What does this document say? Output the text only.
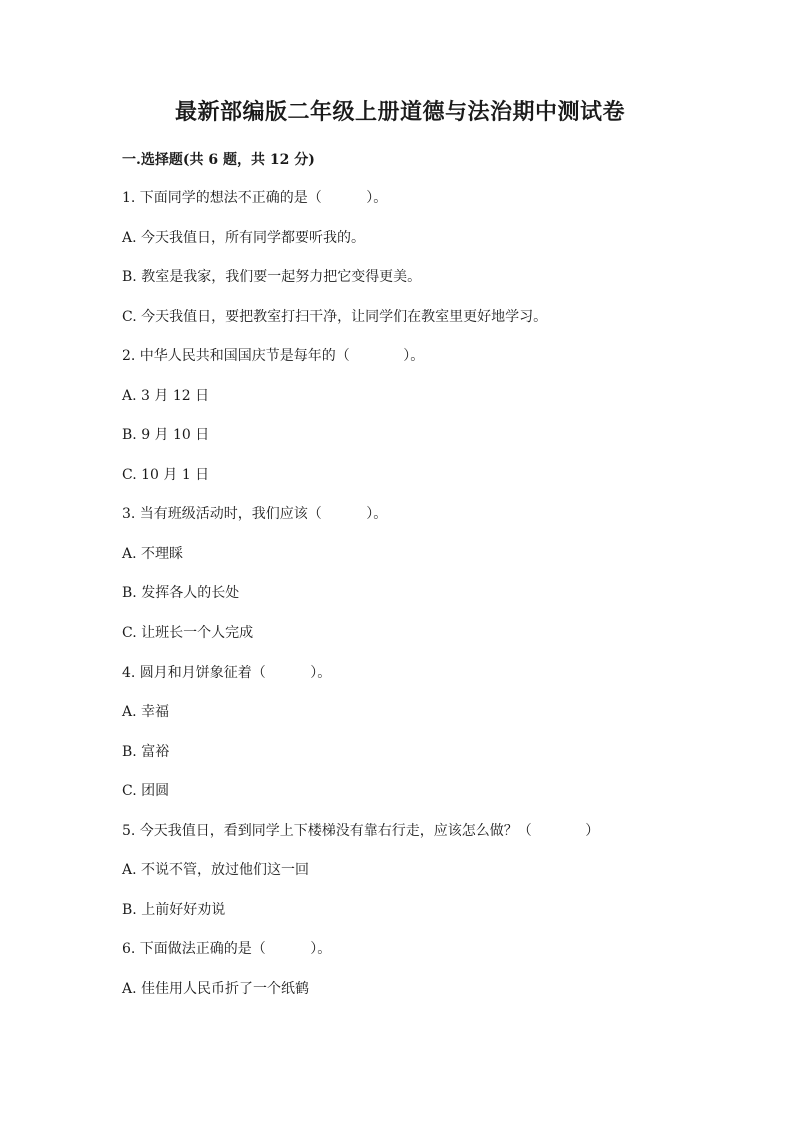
最新部编版二年级上册道德与法治期中测试卷
一.选择题(共 6 题，共 12 分)
1. 下面同学的想法不正确的是（          ）。
A. 今天我值日，所有同学都要听我的。
B. 教室是我家，我们要一起努力把它变得更美。
C. 今天我值日，要把教室打扫干净，让同学们在教室里更好地学习。
2. 中华人民共和国国庆节是每年的（            ）。
A. 3 月 12 日
B. 9 月 10 日
C. 10 月 1 日
3. 当有班级活动时，我们应该（          ）。
A. 不理睬
B. 发挥各人的长处
C. 让班长一个人完成
4. 圆月和月饼象征着（          ）。
A. 幸福
B. 富裕
C. 团圆
5. 今天我值日，看到同学上下楼梯没有靠右行走，应该怎么做？（            ）
A. 不说不管，放过他们这一回
B. 上前好好劝说
6. 下面做法正确的是（          ）。
A. 佳佳用人民币折了一个纸鹤
